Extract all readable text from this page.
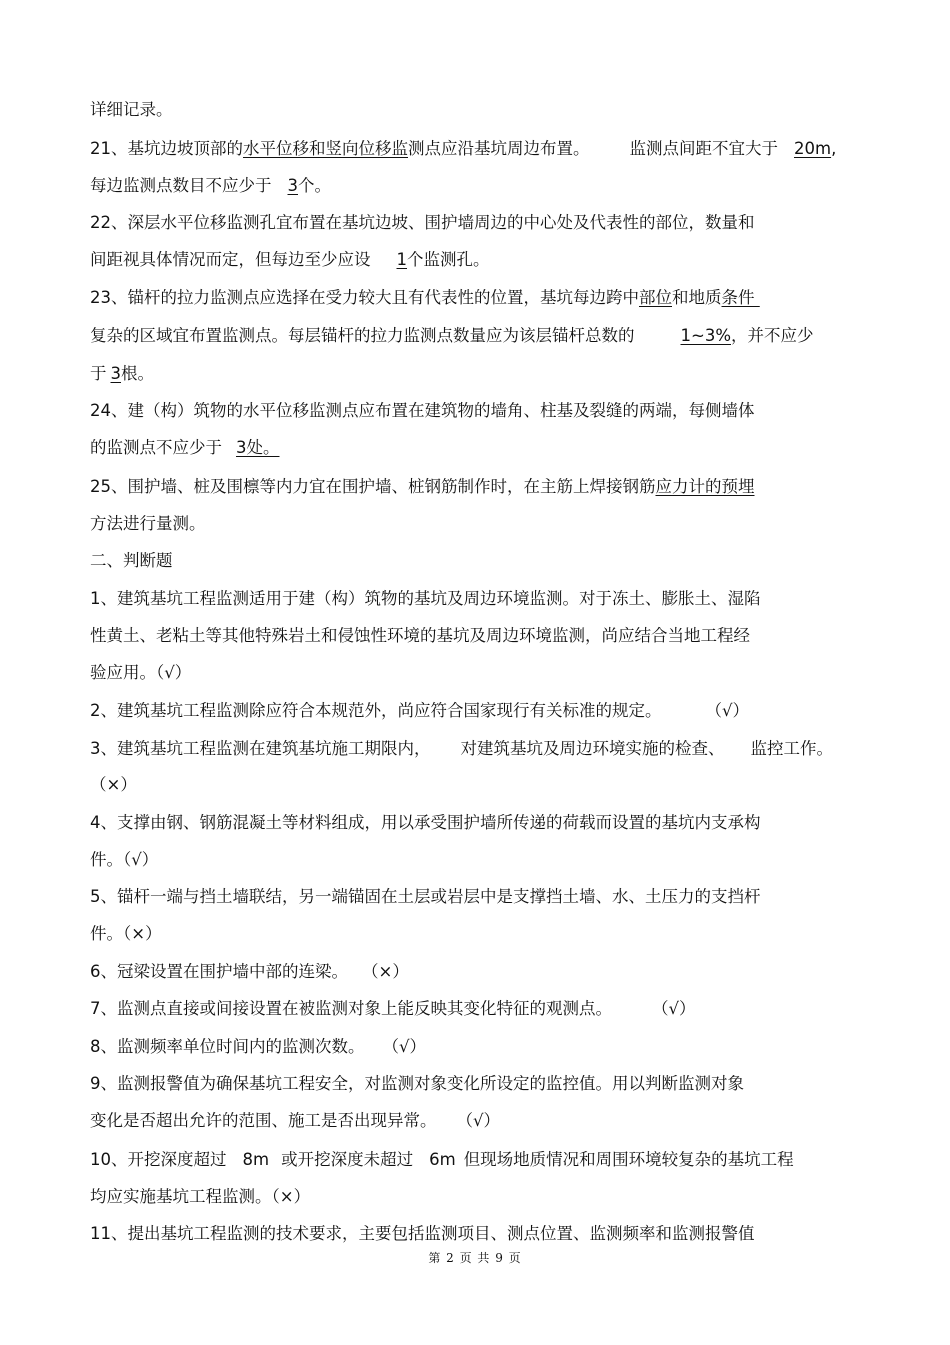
详细记录。
21、基坑边坡顶部的水平位移和竖向位移监测点应沿基坑周边布置。 监测点间距不宜大于 20m,
每边监测点数目不应少于 3个。
22、深层水平位移监测孔宜布置在基坑边坡、围护墙周边的中心处及代表性的部位，数量和
间距视具体情况而定，但每边至少应设 1个监测孔。
23、锚杆的拉力监测点应选择在受力较大且有代表性的位置，基坑每边跨中部位和地质条件
复杂的区域宜布置监测点。每层锚杆的拉力监测点数量应为该层锚杆总数的	1~3%，并不应少
于 3根。
24、建（构）筑物的水平位移监测点应布置在建筑物的墙角、柱基及裂缝的两端，每侧墙体
的监测点不应少于 3处。
25、围护墙、桩及围檩等内力宜在围护墙、桩钢筋制作时，在主筋上焊接钢筋应力计的预埋
方法进行量测。
二、判断题
1、建筑基坑工程监测适用于建（构）筑物的基坑及周边环境监测。对于冻土、膨胀土、湿陷
性黄土、老粘土等其他特殊岩土和侵蚀性环境的基坑及周边环境监测，尚应结合当地工程经
验应用。（√）
2、建筑基坑工程监测除应符合本规范外，尚应符合国家现行有关标准的规定。	（√）
3、建筑基坑工程监测在建筑基坑施工期限内， 对建筑基坑及周边环境实施的检查、 监控工作。
（×）
4、支撑由钢、钢筋混凝土等材料组成，用以承受围护墙所传递的荷载而设置的基坑内支承构
件。（√）
5、锚杆一端与挡土墙联结，另一端锚固在土层或岩层中是支撑挡土墙、水、土压力的支挡杆
件。（×）
6、冠梁设置在围护墙中部的连梁。 （×）
7、监测点直接或间接设置在被监测对象上能反映其变化特征的观测点。 （√）
8、监测频率单位时间内的监测次数。 （√）
9、监测报警值为确保基坑工程安全，对监测对象变化所设定的监控值。用以判断监测对象
变化是否超出允许的范围、施工是否出现异常。 （√）
10、开挖深度超过 8m 或开挖深度未超过 6m 但现场地质情况和周围环境较复杂的基坑工程
均应实施基坑工程监测。（×）
11、提出基坑工程监测的技术要求，主要包括监测项目、测点位置、监测频率和监测报警值
第 2 页 共 9 页
